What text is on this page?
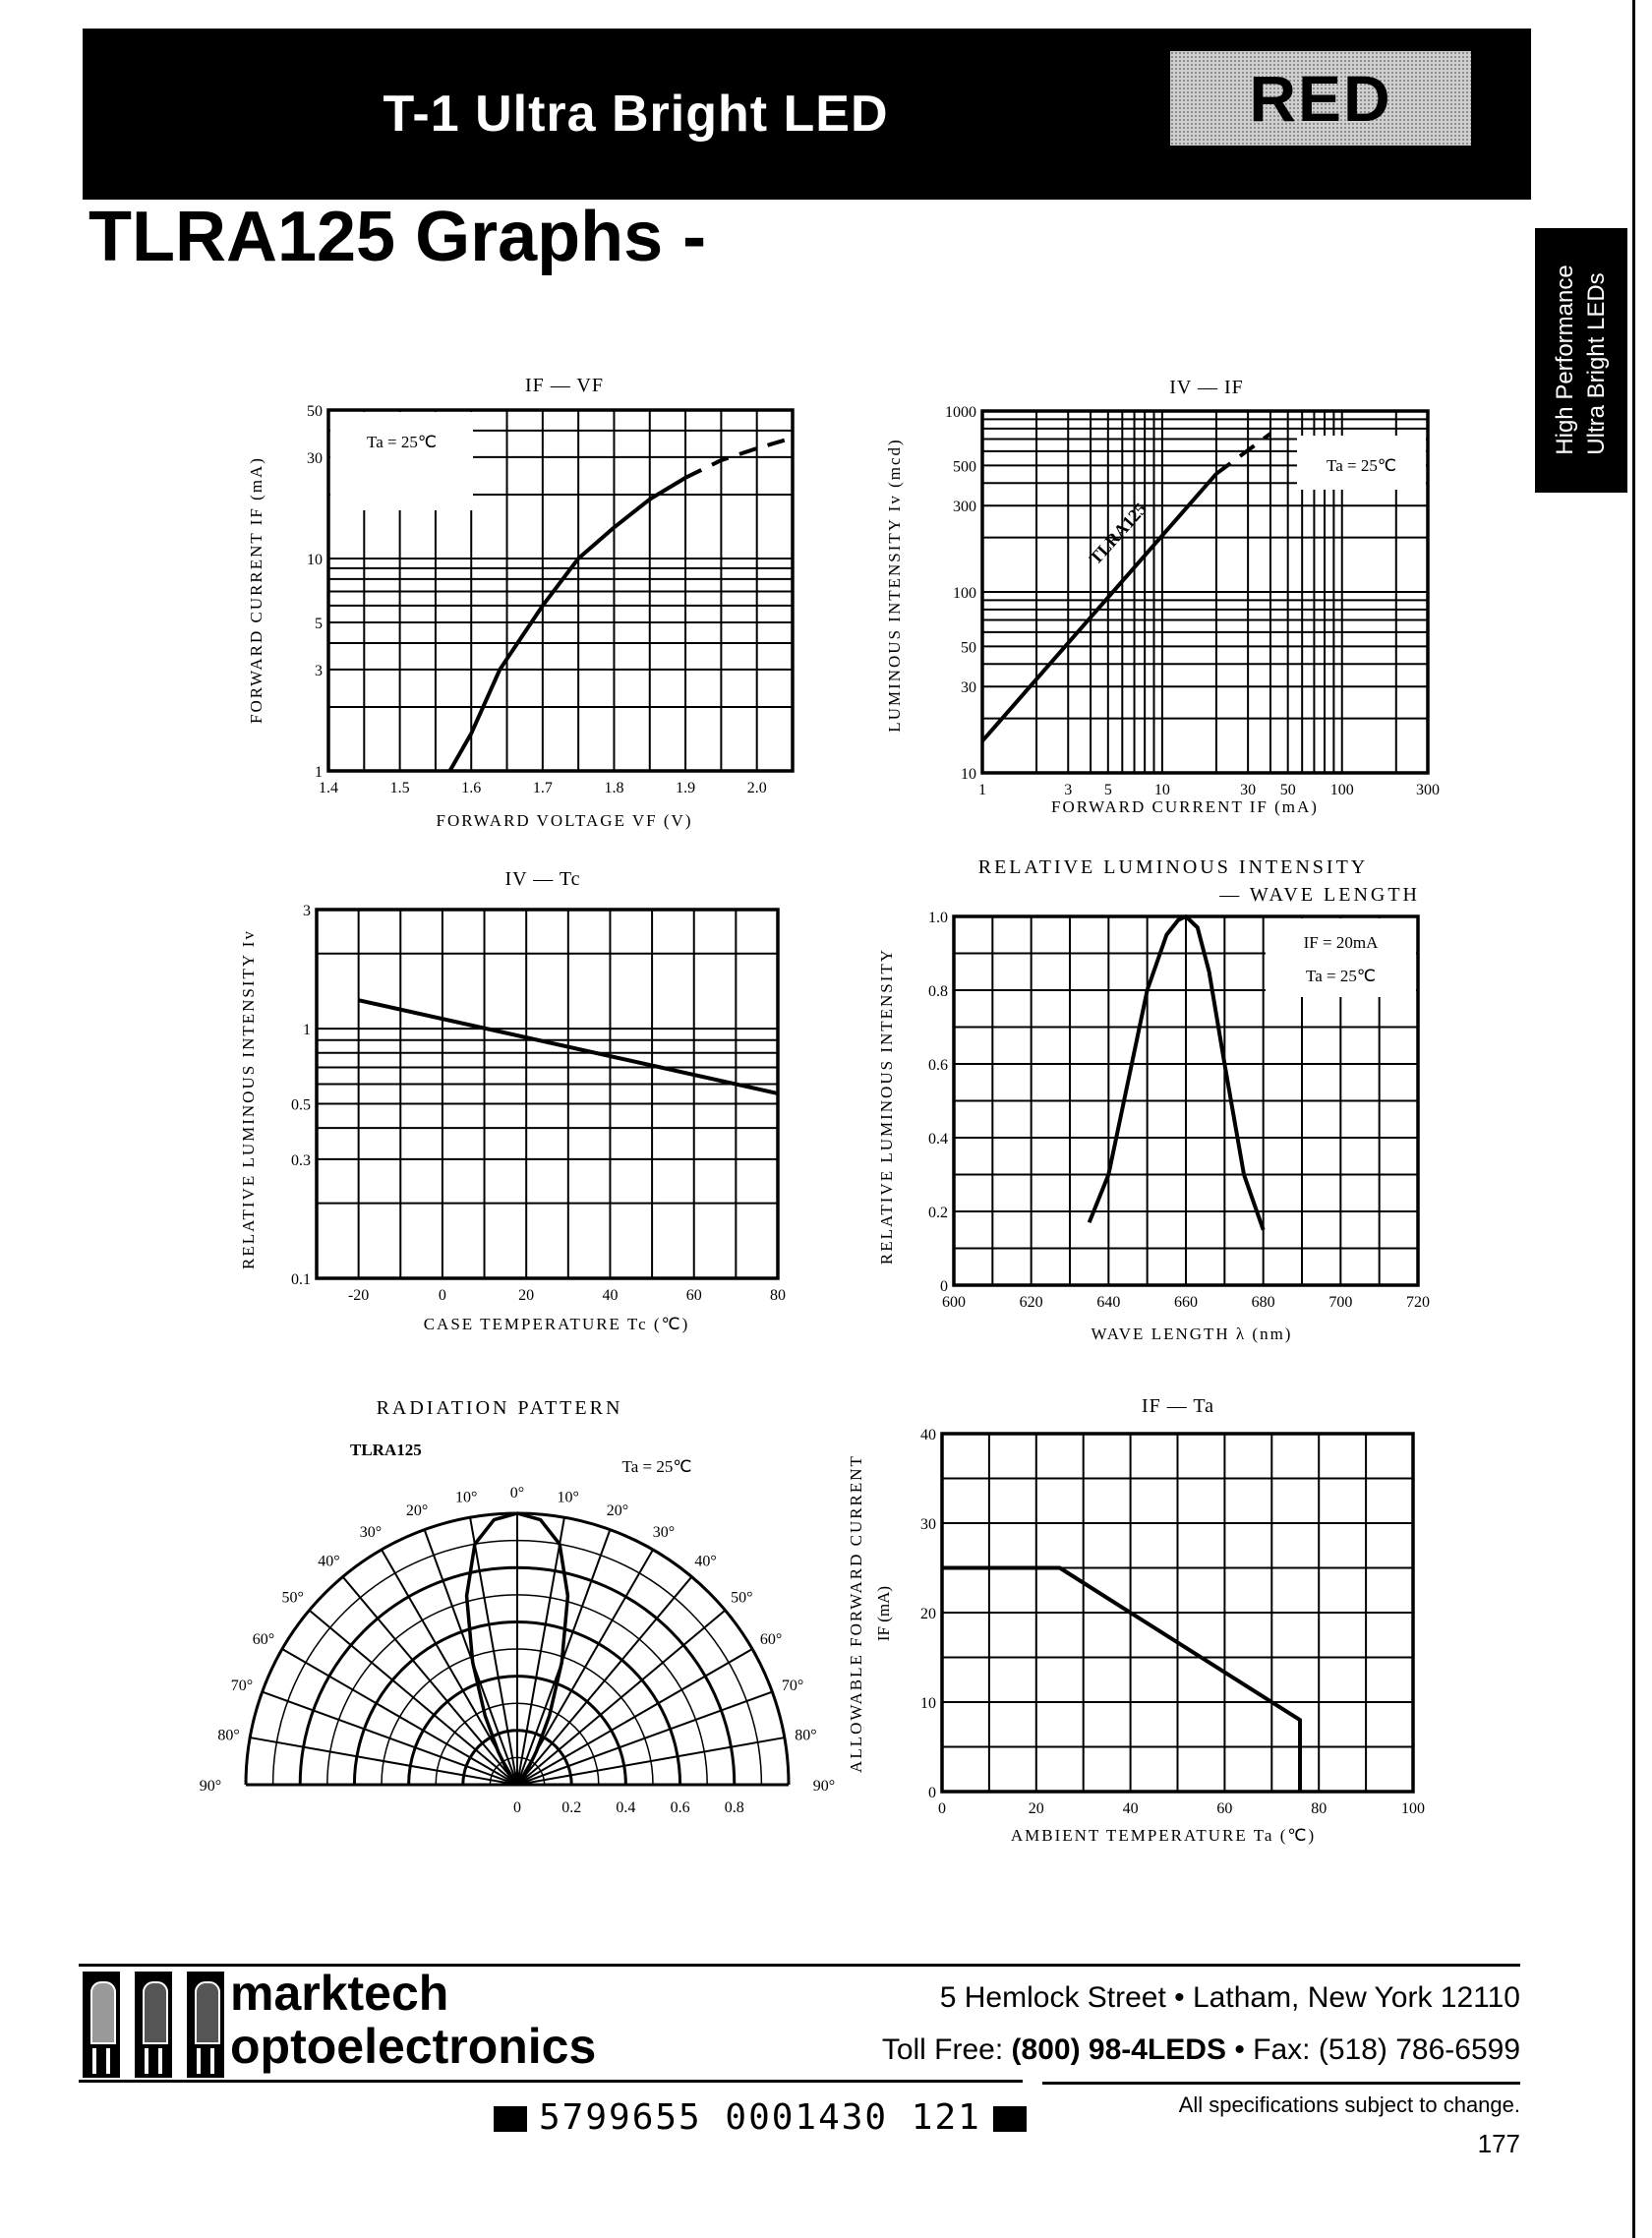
T-1 Ultra Bright LED	RED
TLRA125 Graphs -
High Performance Ultra Bright LEDs
Ta = 25℃
1.4	1.5	1.6	1.7	1.8	1.9	2.0
1
3
5
10
30
50
IF — VF
FORWARD VOLTAGE VF (V)
FORWARD CURRENT IF (mA)	Ta = 25℃
TLRA125
1	3 5	10	30 50 100	300
10
30
50
100
300
500
1000
IV — IF
FORWARD CURRENT IF (mA)
LUMINOUS INTENSITY Iv (mcd)
-20	0	20	40	60	80
0.1
0.3
0.5
1
3
IV — Tc
CASE TEMPERATURE Tc (℃)
RELATIVE LUMINOUS INTENSITY Iv	IF = 20mA
Ta = 25℃
600	620	640	660	680	700	720
0
0.2
0.4
0.6
0.8
1.0
RELATIVE LUMINOUS INTENSITY
— WAVE LENGTH
WAVE LENGTH λ (nm)
RELATIVE LUMINOUS INTENSITY
RADIATION PATTERN
TLRA125
Ta = 25℃
0°
10°	10°
20°	20°
30°	30°
40°	40°
50°	50°
60°	60°
70°	70°
80°	80°
90°	90°
0	0.2 0.4 0.6 0.8	0	20	40	60	80	100
0
10
20
30
40
IF — Ta
AMBIENT TEMPERATURE Ta (℃)
ALLOWABLE FORWARD CURRENT IF (mA)
marktech
optoelectronics
5 Hemlock Street • Latham, New York 12110
Toll Free: (800) 98-4LEDS • Fax: (518) 786-6599
5799655 0001430 121	All specifications subject to change.
177
